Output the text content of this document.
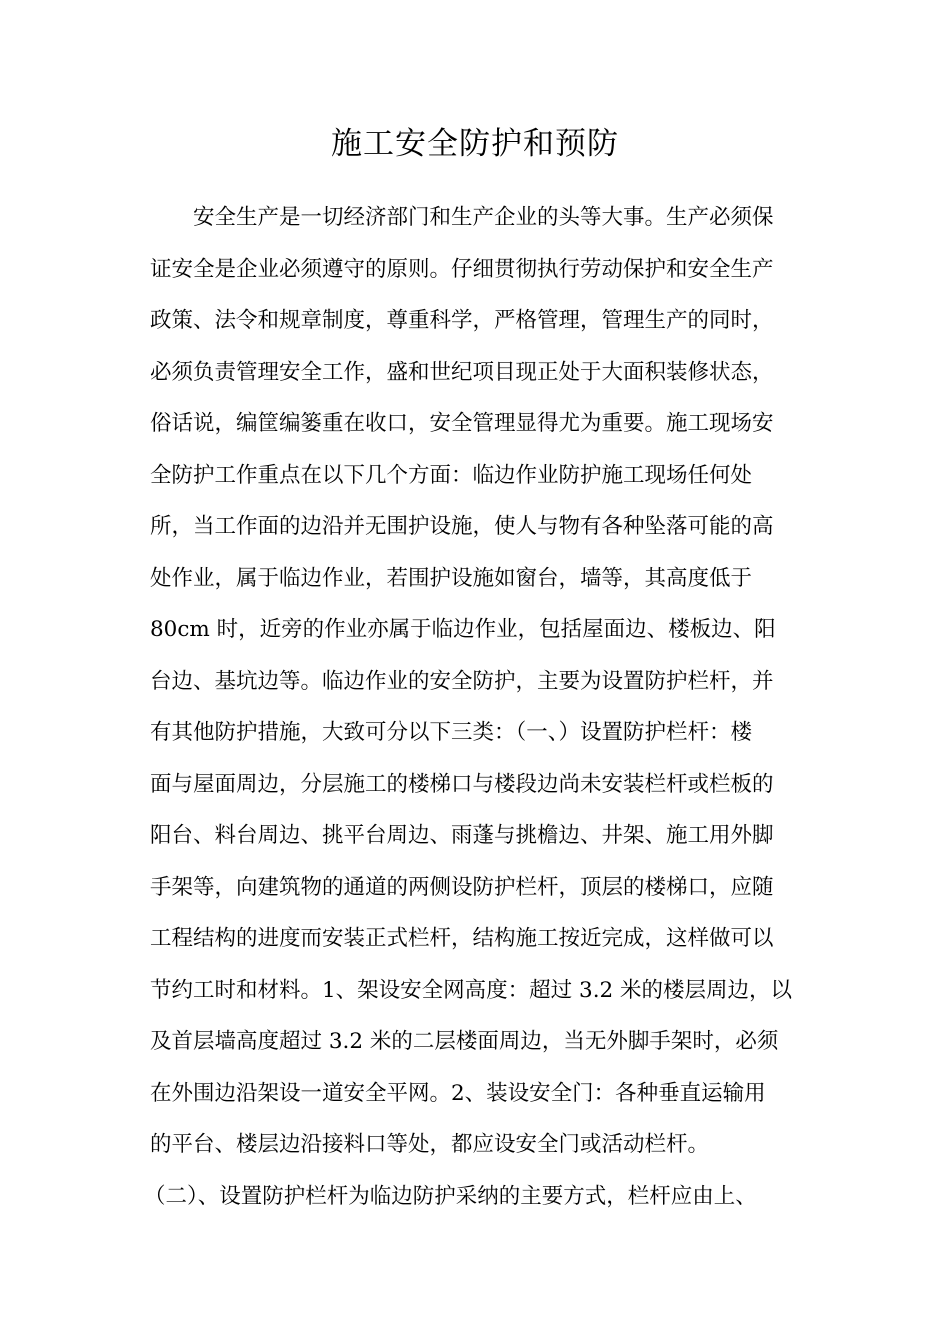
施工安全防护和预防
安全生产是一切经济部门和生产企业的头等大事。生产必须保
证安全是企业必须遵守的原则。仔细贯彻执行劳动保护和安全生产
政策、法令和规章制度，尊重科学，严格管理，管理生产的同时，
必须负责管理安全工作，盛和世纪项目现正处于大面积装修状态，
俗话说，编筐编篓重在收口，安全管理显得尤为重要。施工现场安
全防护工作重点在以下几个方面：临边作业防护施工现场任何处
所，当工作面的边沿并无围护设施，使人与物有各种坠落可能的高
处作业，属于临边作业，若围护设施如窗台，墙等，其高度低于
80cm 时，近旁的作业亦属于临边作业，包括屋面边、楼板边、阳
台边、基坑边等。临边作业的安全防护，主要为设置防护栏杆，并
有其他防护措施，大致可分以下三类：（一、）设置防护栏杆：楼
面与屋面周边，分层施工的楼梯口与楼段边尚未安装栏杆或栏板的
阳台、料台周边、挑平台周边、雨蓬与挑檐边、井架、施工用外脚
手架等，向建筑物的通道的两侧设防护栏杆，顶层的楼梯口，应随
工程结构的进度而安装正式栏杆，结构施工按近完成，这样做可以
节约工时和材料。1、架设安全网高度：超过 3.2 米的楼层周边，以
及首层墙高度超过 3.2 米的二层楼面周边，当无外脚手架时，必须
在外围边沿架设一道安全平网。2、装设安全门：各种垂直运输用
的平台、楼层边沿接料口等处，都应设安全门或活动栏杆。
（二）、设置防护栏杆为临边防护采纳的主要方式，栏杆应由上、
